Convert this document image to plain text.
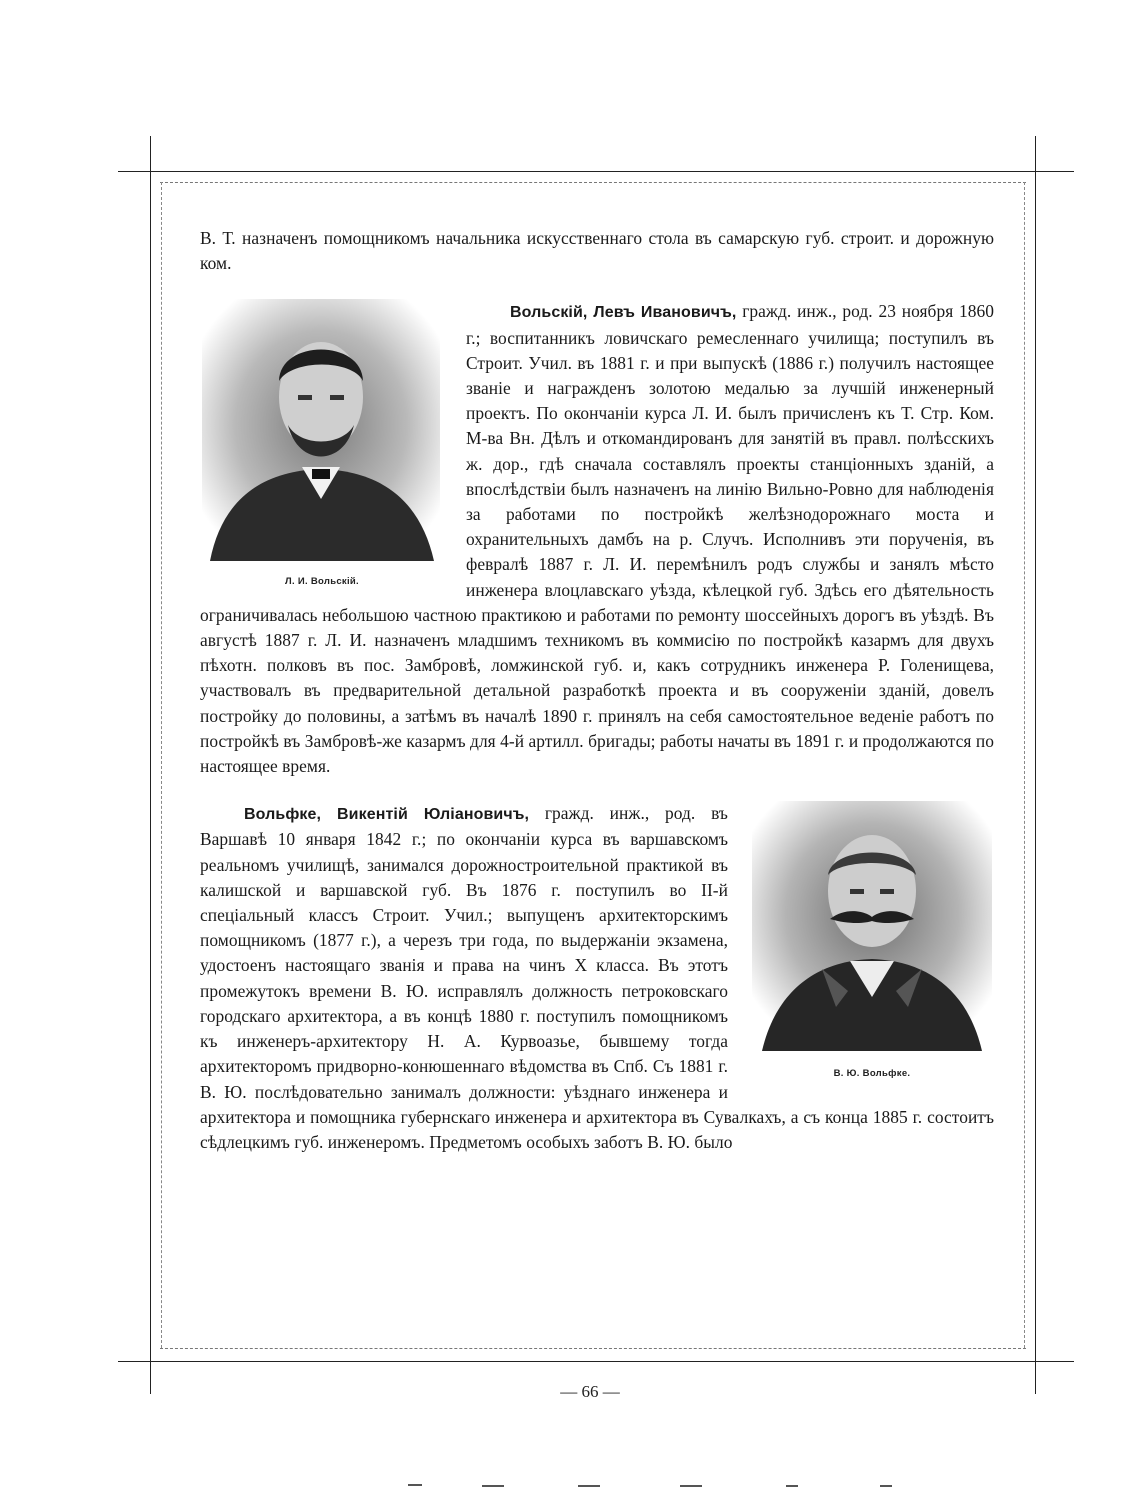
В. Т. назначенъ помощникомъ начальника искусственнаго стола въ самарскую губ. строит. и дорожную ком.

Л. И. Вольскій.

Вольскій, Левъ Ивановичъ, гражд. инж., род. 23 ноября 1860 г.; воспитанникъ ловичскаго ремесленнаго училища; поступилъ въ Строит. Учил. въ 1881 г. и при выпускѣ (1886 г.) получилъ настоящее званіе и награжденъ золотою медалью за лучшій инженерный проектъ. По окончаніи курса Л. И. былъ причисленъ къ Т. Стр. Ком. М-ва Вн. Дѣлъ и откомандированъ для занятій въ правл. полѣсскихъ ж. дор., гдѣ сначала составлялъ проекты станціонныхъ зданій, а впослѣдствіи былъ назначенъ на линію Вильно-Ровно для наблюденія за работами по постройкѣ желѣзнодорожнаго моста и охранительныхъ дамбъ на р. Случъ. Исполнивъ эти порученія, въ февралѣ 1887 г. Л. И. перемѣнилъ родъ службы и занялъ мѣсто инженера влоцлавскаго уѣзда, кѣлецкой губ. Здѣсь его дѣятельность ограничивалась небольшою частною практикою и работами по ремонту шоссейныхъ дорогъ въ уѣздѣ. Въ августѣ 1887 г. Л. И. назначенъ младшимъ техникомъ въ коммисію по постройкѣ казармъ для двухъ пѣхотн. полковъ въ пос. Замбровѣ, ломжинской губ. и, какъ сотрудникъ инженера Р. Голенищева, участвовалъ въ предварительной детальной разработкѣ проекта и въ сооруженіи зданій, довелъ постройку до половины, а затѣмъ въ началѣ 1890 г. принялъ на себя самостоятельное веденіе работъ по постройкѣ въ Замбровѣ-же казармъ для 4-й артилл. бригады; работы начаты въ 1891 г. и продолжаются по настоящее время.

В. Ю. Вольфке.

Вольфке, Викентій Юліановичъ, гражд. инж., род. въ Варшавѣ 10 января 1842 г.; по окончаніи курса въ варшавскомъ реальномъ училищѣ, занимался дорожностроительной практикой въ калишской и варшавской губ. Въ 1876 г. поступилъ во II-й спеціальный классъ Строит. Учил.; выпущенъ архитекторскимъ помощникомъ (1877 г.), а черезъ три года, по выдержаніи экзамена, удостоенъ настоящаго званія и права на чинъ X класса. Въ этотъ промежутокъ времени В. Ю. исправлялъ должность петроковскаго городскаго архитектора, а въ концѣ 1880 г. поступилъ помощникомъ къ инженеръ-архитектору Н. А. Курвоазье, бывшему тогда архитекторомъ придворно-конюшеннаго вѣдомства въ Спб. Съ 1881 г. В. Ю. послѣдовательно занималъ должности: уѣзднаго инженера и архитектора и помощника губернскаго инженера и архитектора въ Сувалкахъ, а съ конца 1885 г. состоитъ сѣдлецкимъ губ. инженеромъ. Предметомъ особыхъ заботъ В. Ю. было

— 66 —
